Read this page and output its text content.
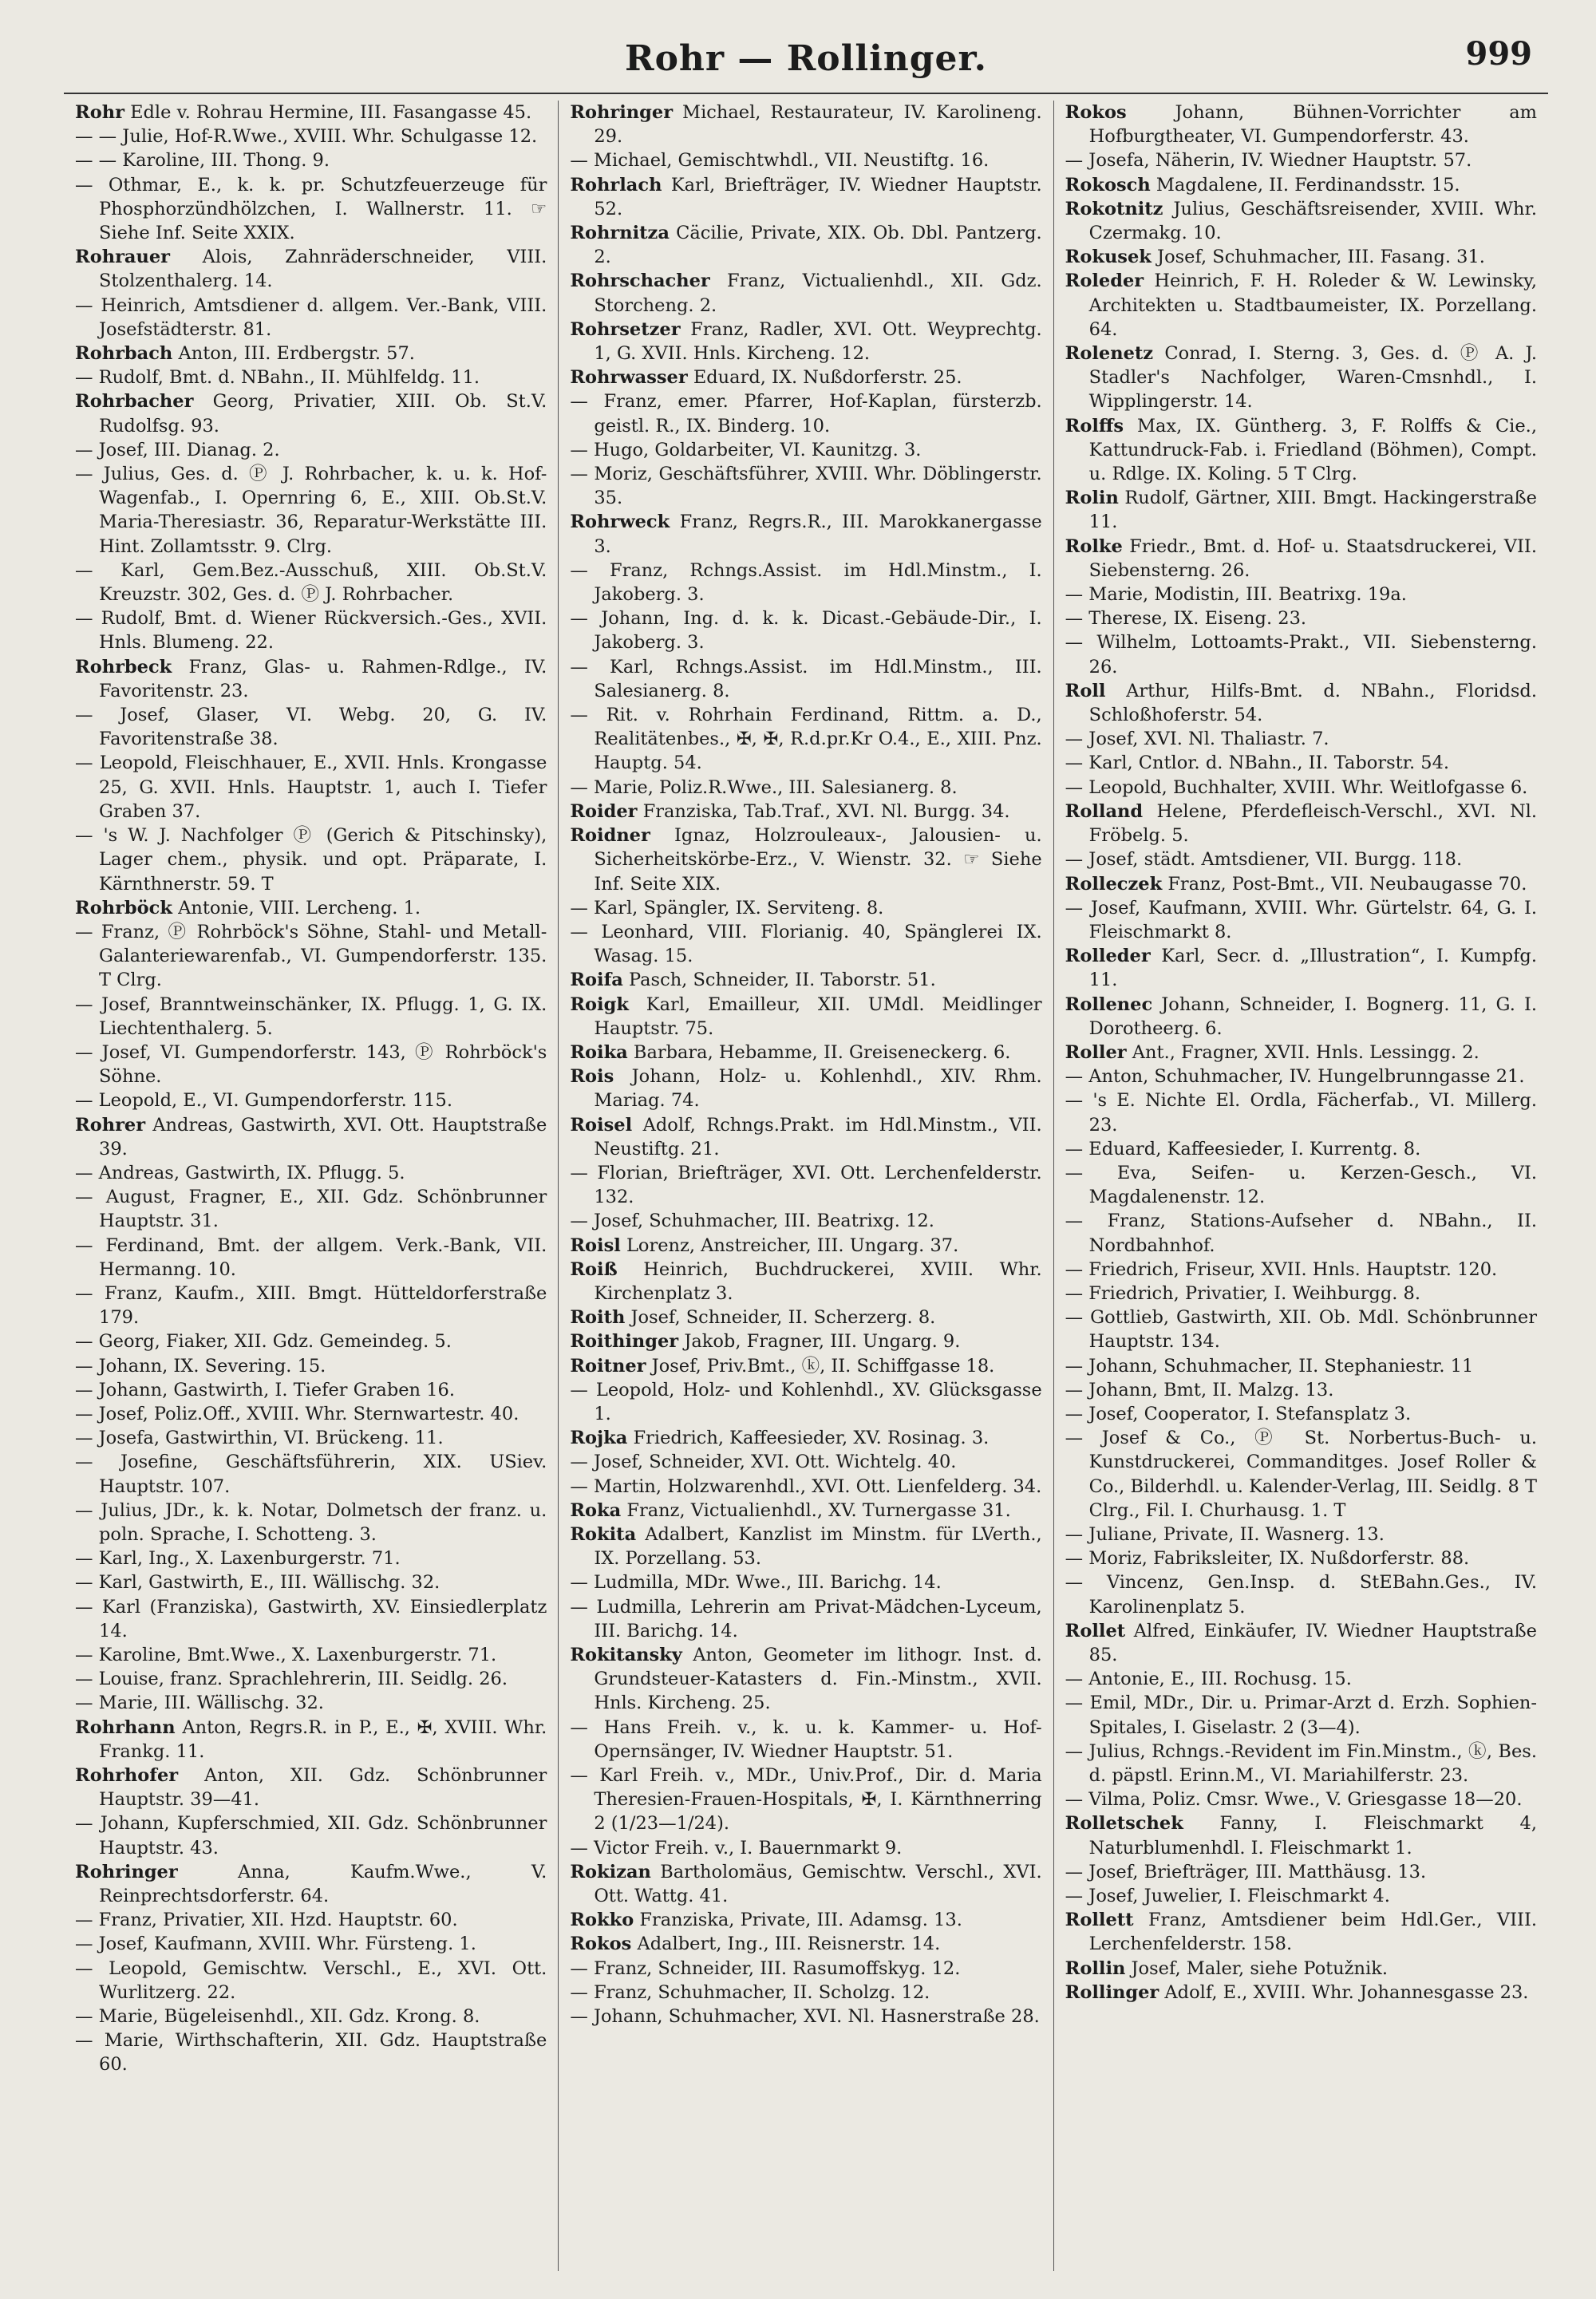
Rohr — Rollinger.	999
Rohr Edle v. Rohrau Hermine, III. Fasangasse 45.
— — Julie, Hof-R.Wwe., XVIII. Whr. Schulgasse 12.
— — Karoline, III. Thong. 9.
— Othmar, E., k. k. pr. Schutzfeuerzeuge für Phosphorzündhölzchen, I. Wallnerstr. 11. ☞ Siehe Inf. Seite XXIX.
Rohrauer Alois, Zahnräderschneider, VIII. Stolzenthalerg. 14.
— Heinrich, Amtsdiener d. allgem. Ver.-Bank, VIII. Josefstädterstr. 81.
Rohrbach Anton, III. Erdbergstr. 57.
— Rudolf, Bmt. d. NBahn., II. Mühlfeldg. 11.
Rohrbacher Georg, Privatier, XIII. Ob. St.V. Rudolfsg. 93.
— Josef, III. Dianag. 2.
— Julius, Ges. d. Ⓟ J. Rohrbacher, k. u. k. Hof-Wagenfab., I. Opernring 6, E., XIII. Ob.St.V. Maria-Theresiastr. 36, Reparatur-Werkstätte III. Hint. Zollamtsstr. 9. Clrg.
— Karl, Gem.Bez.-Ausschuß, XIII. Ob.St.V. Kreuzstr. 302, Ges. d. Ⓟ J. Rohrbacher.
— Rudolf, Bmt. d. Wiener Rückversich.-Ges., XVII. Hnls. Blumeng. 22.
Rohrbeck Franz, Glas- u. Rahmen-Rdlge., IV. Favoritenstr. 23.
— Josef, Glaser, VI. Webg. 20, G. IV. Favoritenstraße 38.
— Leopold, Fleischhauer, E., XVII. Hnls. Krongasse 25, G. XVII. Hnls. Hauptstr. 1, auch I. Tiefer Graben 37.
— 's W. J. Nachfolger Ⓟ (Gerich & Pitschinsky), Lager chem., physik. und opt. Präparate, I. Kärnthnerstr. 59. T
Rohrböck Antonie, VIII. Lercheng. 1.
— Franz, Ⓟ Rohrböck's Söhne, Stahl- und Metall-Galanteriewarenfab., VI. Gumpendorferstr. 135. T Clrg.
— Josef, Branntweinschänker, IX. Pflugg. 1, G. IX. Liechtenthalerg. 5.
— Josef, VI. Gumpendorferstr. 143, Ⓟ Rohrböck's Söhne.
— Leopold, E., VI. Gumpendorferstr. 115.
Rohrer Andreas, Gastwirth, XVI. Ott. Hauptstraße 39.
— Andreas, Gastwirth, IX. Pflugg. 5.
— August, Fragner, E., XII. Gdz. Schönbrunner Hauptstr. 31.
— Ferdinand, Bmt. der allgem. Verk.-Bank, VII. Hermanng. 10.
— Franz, Kaufm., XIII. Bmgt. Hütteldorferstraße 179.
— Georg, Fiaker, XII. Gdz. Gemeindeg. 5.
— Johann, IX. Severing. 15.
— Johann, Gastwirth, I. Tiefer Graben 16.
— Josef, Poliz.Off., XVIII. Whr. Sternwartestr. 40.
— Josefa, Gastwirthin, VI. Brückeng. 11.
— Josefine, Geschäftsführerin, XIX. USiev. Hauptstr. 107.
— Julius, JDr., k. k. Notar, Dolmetsch der franz. u. poln. Sprache, I. Schotteng. 3.
— Karl, Ing., X. Laxenburgerstr. 71.
— Karl, Gastwirth, E., III. Wällischg. 32.
— Karl (Franziska), Gastwirth, XV. Einsiedlerplatz 14.
— Karoline, Bmt.Wwe., X. Laxenburgerstr. 71.
— Louise, franz. Sprachlehrerin, III. Seidlg. 26.
— Marie, III. Wällischg. 32.
Rohrhann Anton, Regrs.R. in P., E., ✠, XVIII. Whr. Frankg. 11.
Rohrhofer Anton, XII. Gdz. Schönbrunner Hauptstr. 39—41.
— Johann, Kupferschmied, XII. Gdz. Schönbrunner Hauptstr. 43.
Rohringer	Anna, Kaufm.Wwe., V. Reinprechtsdorferstr. 64.
— Franz, Privatier, XII. Hzd. Hauptstr. 60.
— Josef, Kaufmann, XVIII. Whr. Fürsteng. 1.
— Leopold, Gemischtw. Verschl., E., XVI. Ott. Wurlitzerg. 22.
— Marie, Bügeleisenhdl., XII. Gdz. Krong. 8.
— Marie, Wirthschafterin, XII. Gdz. Hauptstraße 60.
Rohringer Michael, Restaurateur, IV. Karolineng. 29.
— Michael, Gemischtwhdl., VII. Neustiftg. 16.
Rohrlach Karl, Briefträger, IV. Wiedner Hauptstr. 52.
Rohrnitza Cäcilie, Private, XIX. Ob. Dbl. Pantzerg. 2.
Rohrschacher Franz, Victualienhdl., XII. Gdz. Storcheng. 2.
Rohrsetzer Franz, Radler, XVI. Ott. Weyprechtg. 1, G. XVII. Hnls. Kircheng. 12.
Rohrwasser Eduard, IX. Nußdorferstr. 25.
— Franz, emer. Pfarrer, Hof-Kaplan, fürsterzb. geistl. R., IX. Binderg. 10.
— Hugo, Goldarbeiter, VI. Kaunitzg. 3.
— Moriz, Geschäftsführer, XVIII. Whr. Döblingerstr. 35.
Rohrweck Franz, Regrs.R., III. Marokkanergasse 3.
— Franz, Rchngs.Assist. im Hdl.Minstm., I. Jakoberg. 3.
— Johann, Ing. d. k. k. Dicast.-Gebäude-Dir., I. Jakoberg. 3.
— Karl, Rchngs.Assist. im Hdl.Minstm., III. Salesianerg. 8.
— Rit. v. Rohrhain Ferdinand, Rittm. a. D., Realitätenbes., ✠, ✠, R.d.pr.Kr O.4., E., XIII. Pnz. Hauptg. 54.
— Marie, Poliz.R.Wwe., III. Salesianerg. 8.
Roider Franziska, Tab.Traf., XVI. Nl. Burgg. 34.
Roidner Ignaz, Holzrouleaux-, Jalousien- u. Sicherheitskörbe-Erz., V. Wienstr. 32. ☞ Siehe Inf. Seite XIX.
— Karl, Spängler, IX. Serviteng. 8.
— Leonhard, VIII. Florianig. 40, Spänglerei IX. Wasag. 15.
Roifa Pasch, Schneider, II. Taborstr. 51.
Roigk Karl, Emailleur, XII. UMdl. Meidlinger Hauptstr. 75.
Roika Barbara, Hebamme, II. Greiseneckerg. 6.
Rois Johann, Holz- u. Kohlenhdl., XIV. Rhm. Mariag. 74.
Roisel Adolf, Rchngs.Prakt. im Hdl.Minstm., VII. Neustiftg. 21.
— Florian, Briefträger, XVI. Ott. Lerchenfelderstr. 132.
— Josef, Schuhmacher, III. Beatrixg. 12.
Roisl Lorenz, Anstreicher, III. Ungarg. 37.
Roiß Heinrich, Buchdruckerei, XVIII. Whr. Kirchenplatz 3.
Roith Josef, Schneider, II. Scherzerg. 8.
Roithinger Jakob, Fragner, III. Ungarg. 9.
Roitner Josef, Priv.Bmt., ⓚ, II. Schiffgasse 18.
— Leopold, Holz- und Kohlenhdl., XV. Glücksgasse 1.
Rojka Friedrich, Kaffeesieder, XV. Rosinag. 3.
— Josef, Schneider, XVI. Ott. Wichtelg. 40.
— Martin, Holzwarenhdl., XVI. Ott. Lienfelderg. 34.
Roka Franz, Victualienhdl., XV. Turnergasse 31.
Rokita Adalbert, Kanzlist im Minstm. für LVerth., IX. Porzellang. 53.
— Ludmilla, MDr. Wwe., III. Barichg. 14.
— Ludmilla, Lehrerin am Privat-Mädchen-Lyceum, III. Barichg. 14.
Rokitansky Anton, Geometer im lithogr. Inst. d. Grundsteuer-Katasters d. Fin.-Minstm., XVII. Hnls. Kircheng. 25.
— Hans Freih. v., k. u. k. Kammer- u. Hof-Opernsänger, IV. Wiedner Hauptstr. 51.
— Karl Freih. v., MDr., Univ.Prof., Dir. d. Maria Theresien-Frauen-Hospitals, ✠, I. Kärnthnerring 2 (1/23—1/24).
— Victor Freih. v., I. Bauernmarkt 9.
Rokizan Bartholomäus, Gemischtw. Verschl., XVI. Ott. Wattg. 41.
Rokko Franziska, Private, III. Adamsg. 13.
Rokos Adalbert, Ing., III. Reisnerstr. 14.
— Franz, Schneider, III. Rasumoffskyg. 12.
— Franz, Schuhmacher, II. Scholzg. 12.
— Johann, Schuhmacher, XVI. Nl. Hasnerstraße 28.
Rokos	Johann, Bühnen-Vorrichter am Hofburgtheater, VI. Gumpendorferstr. 43.
— Josefa, Näherin, IV. Wiedner Hauptstr. 57.
Rokosch Magdalene, II. Ferdinandsstr. 15.
Rokotnitz Julius, Geschäftsreisender, XVIII. Whr. Czermakg. 10.
Rokusek Josef, Schuhmacher, III. Fasang. 31.
Roleder Heinrich, F. H. Roleder & W. Lewinsky, Architekten u. Stadtbaumeister, IX. Porzellang. 64.
Rolenetz Conrad, I. Sterng. 3, Ges. d. Ⓟ A. J. Stadler's Nachfolger, Waren-Cmsnhdl., I. Wipplingerstr. 14.
Rolffs Max, IX. Güntherg. 3, F. Rolffs & Cie., Kattundruck-Fab. i. Friedland (Böhmen), Compt. u. Rdlge. IX. Koling. 5 T Clrg.
Rolin Rudolf, Gärtner, XIII. Bmgt. Hackingerstraße 11.
Rolke Friedr., Bmt. d. Hof- u. Staatsdruckerei, VII. Siebensterng. 26.
— Marie, Modistin, III. Beatrixg. 19a.
— Therese, IX. Eiseng. 23.
— Wilhelm, Lottoamts-Prakt., VII. Siebensterng. 26.
Roll Arthur, Hilfs-Bmt. d. NBahn., Floridsd. Schloßhoferstr. 54.
— Josef, XVI. Nl. Thaliastr. 7.
— Karl, Cntlor. d. NBahn., II. Taborstr. 54.
— Leopold, Buchhalter, XVIII. Whr. Weitlofgasse 6.
Rolland Helene, Pferdefleisch-Verschl., XVI. Nl. Fröbelg. 5.
— Josef, städt. Amtsdiener, VII. Burgg. 118.
Rolleczek Franz, Post-Bmt., VII. Neubaugasse 70.
— Josef, Kaufmann, XVIII. Whr. Gürtelstr. 64, G. I. Fleischmarkt 8.
Rolleder Karl, Secr. d. „Illustration“, I. Kumpfg. 11.
Rollenec Johann, Schneider, I. Bognerg. 11, G. I. Dorotheerg. 6.
Roller Ant., Fragner, XVII. Hnls. Lessingg. 2.
— Anton, Schuhmacher, IV. Hungelbrunngasse 21.
— 's E. Nichte El. Ordla, Fächerfab., VI. Millerg. 23.
— Eduard, Kaffeesieder, I. Kurrentg. 8.
— Eva, Seifen- u. Kerzen-Gesch., VI. Magdalenenstr. 12.
— Franz, Stations-Aufseher d. NBahn., II. Nordbahnhof.
— Friedrich, Friseur, XVII. Hnls. Hauptstr. 120.
— Friedrich, Privatier, I. Weihburgg. 8.
— Gottlieb, Gastwirth, XII. Ob. Mdl. Schönbrunner Hauptstr. 134.
— Johann, Schuhmacher, II. Stephaniestr. 11
— Johann, Bmt, II. Malzg. 13.
— Josef, Cooperator, I. Stefansplatz 3.
— Josef & Co., Ⓟ St. Norbertus-Buch- u. Kunstdruckerei, Commanditges. Josef Roller & Co., Bilderhdl. u. Kalender-Verlag, III. Seidlg. 8 T Clrg., Fil. I. Churhausg. 1. T
— Juliane, Private, II. Wasnerg. 13.
— Moriz, Fabriksleiter, IX. Nußdorferstr. 88.
— Vincenz, Gen.Insp. d. StEBahn.Ges., IV. Karolinenplatz 5.
Rollet Alfred, Einkäufer, IV. Wiedner Hauptstraße 85.
— Antonie, E., III. Rochusg. 15.
— Emil, MDr., Dir. u. Primar-Arzt d. Erzh. Sophien-Spitales, I. Giselastr. 2 (3—4).
— Julius, Rchngs.-Revident im Fin.Minstm., ⓚ, Bes. d. päpstl. Erinn.M., VI. Mariahilferstr. 23.
— Vilma, Poliz. Cmsr. Wwe., V. Griesgasse 18—20.
Rolletschek Fanny, I. Fleischmarkt 4, Naturblumenhdl. I. Fleischmarkt 1.
— Josef, Briefträger, III. Matthäusg. 13.
— Josef, Juwelier, I. Fleischmarkt 4.
Rollett Franz, Amtsdiener beim Hdl.Ger., VIII. Lerchenfelderstr. 158.
Rollin Josef, Maler, siehe Potužnik.
Rollinger Adolf, E., XVIII. Whr. Johannesgasse 23.
